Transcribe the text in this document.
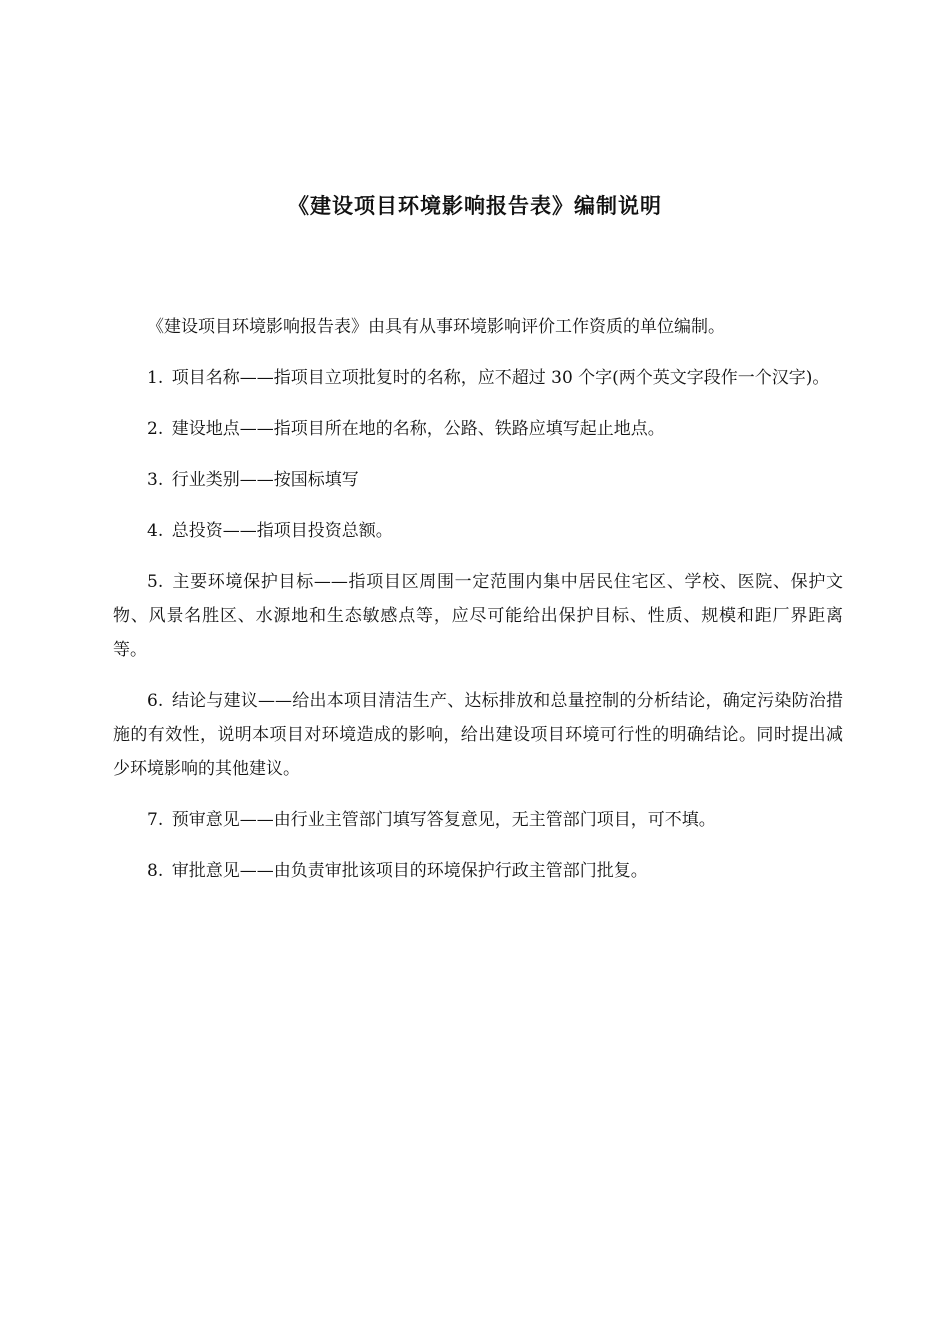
《建设项目环境影响报告表》编制说明

《建设项目环境影响报告表》由具有从事环境影响评价工作资质的单位编制。

1. 项目名称——指项目立项批复时的名称，应不超过 30 个字(两个英文字段作一个汉字)。

2. 建设地点——指项目所在地的名称，公路、铁路应填写起止地点。

3. 行业类别——按国标填写

4. 总投资——指项目投资总额。

5. 主要环境保护目标——指项目区周围一定范围内集中居民住宅区、学校、医院、保护文物、风景名胜区、水源地和生态敏感点等，应尽可能给出保护目标、性质、规模和距厂界距离等。

6. 结论与建议——给出本项目清洁生产、达标排放和总量控制的分析结论，确定污染防治措施的有效性，说明本项目对环境造成的影响，给出建设项目环境可行性的明确结论。同时提出减少环境影响的其他建议。

7. 预审意见——由行业主管部门填写答复意见，无主管部门项目，可不填。

8. 审批意见——由负责审批该项目的环境保护行政主管部门批复。
